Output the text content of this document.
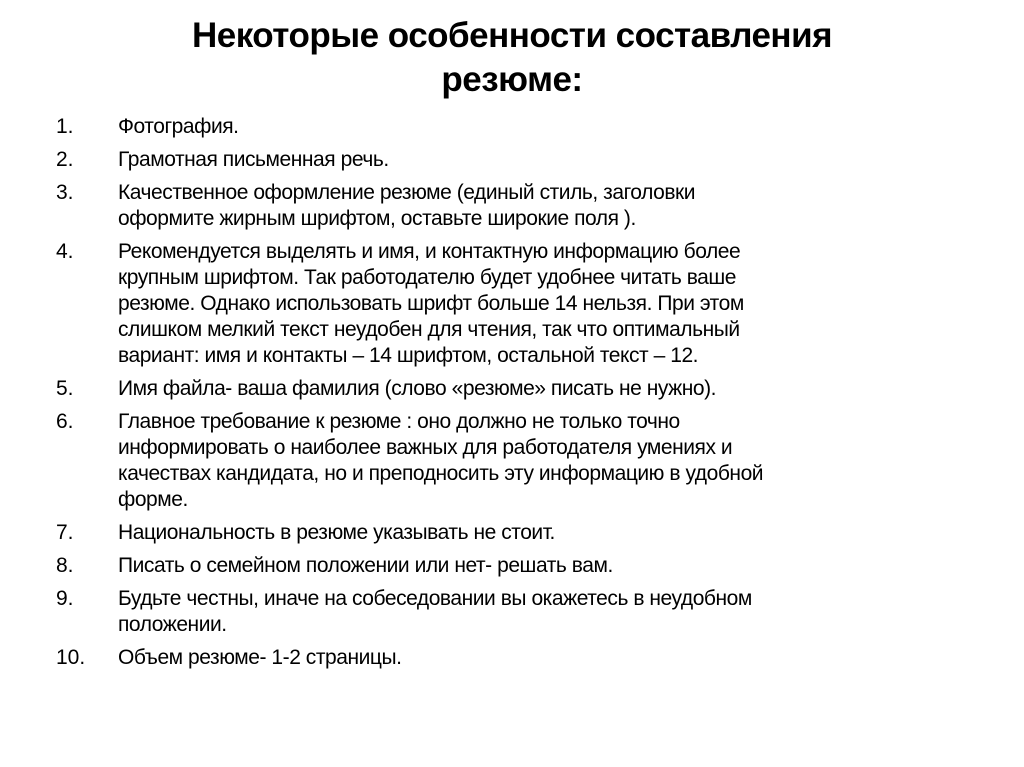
Некоторые особенности составления
резюме:
1.	Фотография.
2.	Грамотная письменная речь.
3.	Качественное оформление резюме (единый стиль, заголовки
оформите жирным шрифтом, оставьте широкие поля ).
4.	Рекомендуется выделять и имя, и контактную информацию более
крупным шрифтом. Так работодателю будет удобнее читать ваше
резюме. Однако использовать шрифт больше 14 нельзя. При этом
слишком мелкий текст неудобен для чтения, так что оптимальный
вариант: имя и контакты – 14 шрифтом, остальной текст – 12.
5.	Имя файла- ваша фамилия (слово «резюме» писать не нужно).
6.	Главное требование к резюме : оно должно не только точно
информировать о наиболее важных для работодателя умениях и
качествах кандидата, но и преподносить эту информацию в удобной
форме.
7.	Национальность в резюме указывать не стоит.
8.	Писать о семейном положении или нет- решать вам.
9.	Будьте честны, иначе на собеседовании вы окажетесь в неудобном
положении.
10.	Объем резюме- 1-2 страницы.
